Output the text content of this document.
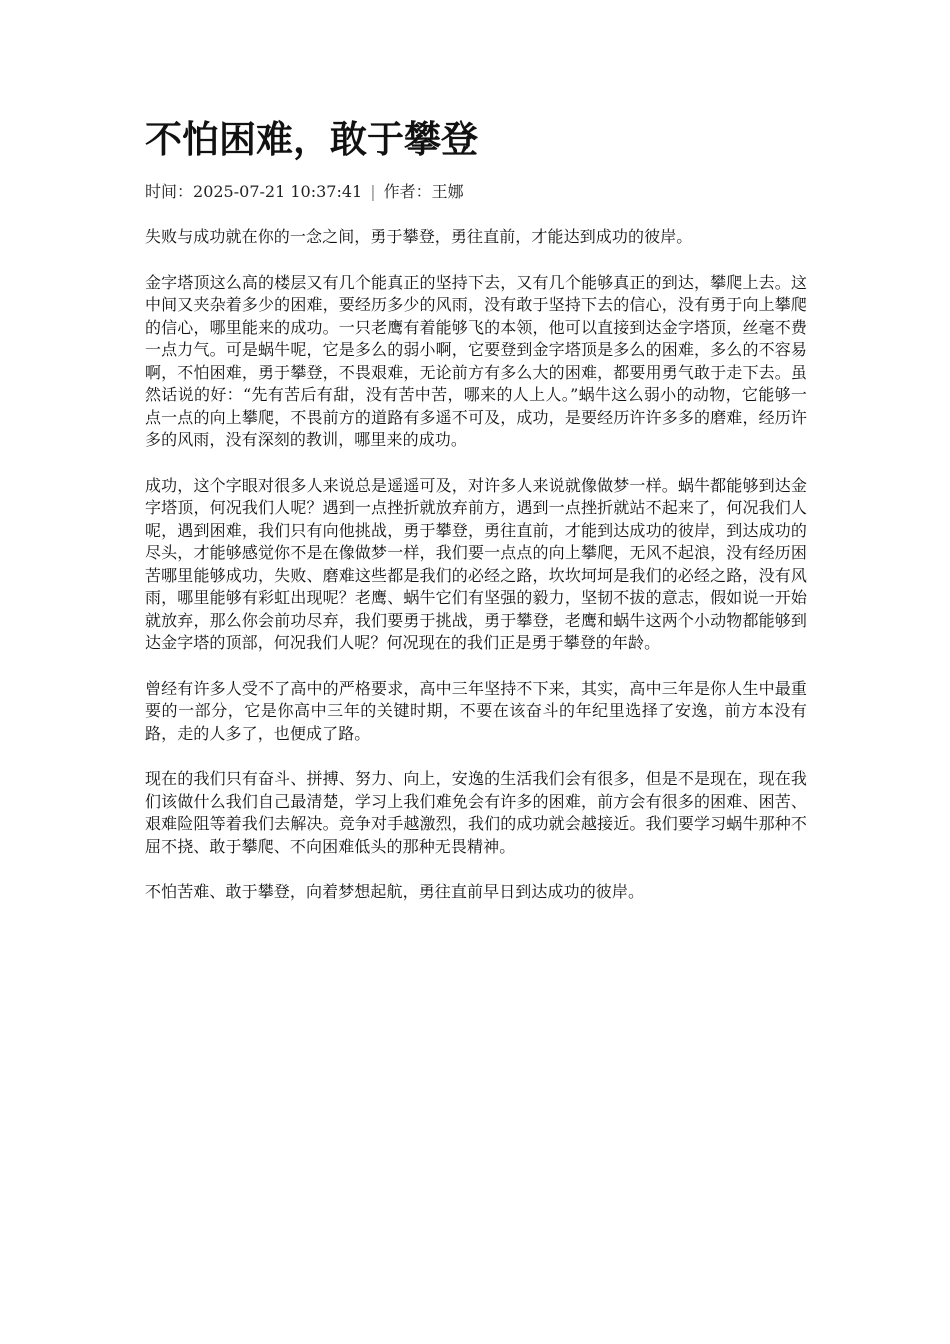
不怕困难，敢于攀登
时间：2025-07-21 10:37:41 | 作者：王娜

失败与成功就在你的一念之间，勇于攀登，勇往直前，才能达到成功的彼岸。

金字塔顶这么高的楼层又有几个能真正的坚持下去，又有几个能够真正的到达，攀爬上去。这中间又夹杂着多少的困难，要经历多少的风雨，没有敢于坚持下去的信心，没有勇于向上攀爬的信心，哪里能来的成功。一只老鹰有着能够飞的本领，他可以直接到达金字塔顶，丝毫不费一点力气。可是蜗牛呢，它是多么的弱小啊，它要登到金字塔顶是多么的困难，多么的不容易啊，不怕困难，勇于攀登，不畏艰难，无论前方有多么大的困难，都要用勇气敢于走下去。虽然话说的好：“先有苦后有甜，没有苦中苦，哪来的人上人。”蜗牛这么弱小的动物，它能够一点一点的向上攀爬，不畏前方的道路有多遥不可及，成功，是要经历许许多多的磨难，经历许多的风雨，没有深刻的教训，哪里来的成功。

成功，这个字眼对很多人来说总是遥遥可及，对许多人来说就像做梦一样。蜗牛都能够到达金字塔顶，何况我们人呢？遇到一点挫折就放弃前方，遇到一点挫折就站不起来了，何况我们人呢，遇到困难，我们只有向他挑战，勇于攀登，勇往直前，才能到达成功的彼岸，到达成功的尽头，才能够感觉你不是在像做梦一样，我们要一点点的向上攀爬，无风不起浪，没有经历困苦哪里能够成功，失败、磨难这些都是我们的必经之路，坎坎坷坷是我们的必经之路，没有风雨，哪里能够有彩虹出现呢？老鹰、蜗牛它们有坚强的毅力，坚韧不拔的意志，假如说一开始就放弃，那么你会前功尽弃，我们要勇于挑战，勇于攀登，老鹰和蜗牛这两个小动物都能够到达金字塔的顶部，何况我们人呢？何况现在的我们正是勇于攀登的年龄。

曾经有许多人受不了高中的严格要求，高中三年坚持不下来，其实，高中三年是你人生中最重要的一部分，它是你高中三年的关键时期，不要在该奋斗的年纪里选择了安逸，前方本没有路，走的人多了，也便成了路。

现在的我们只有奋斗、拼搏、努力、向上，安逸的生活我们会有很多，但是不是现在，现在我们该做什么我们自己最清楚，学习上我们难免会有许多的困难，前方会有很多的困难、困苦、艰难险阻等着我们去解决。竞争对手越激烈，我们的成功就会越接近。我们要学习蜗牛那种不屈不挠、敢于攀爬、不向困难低头的那种无畏精神。

不怕苦难、敢于攀登，向着梦想起航，勇往直前早日到达成功的彼岸。
